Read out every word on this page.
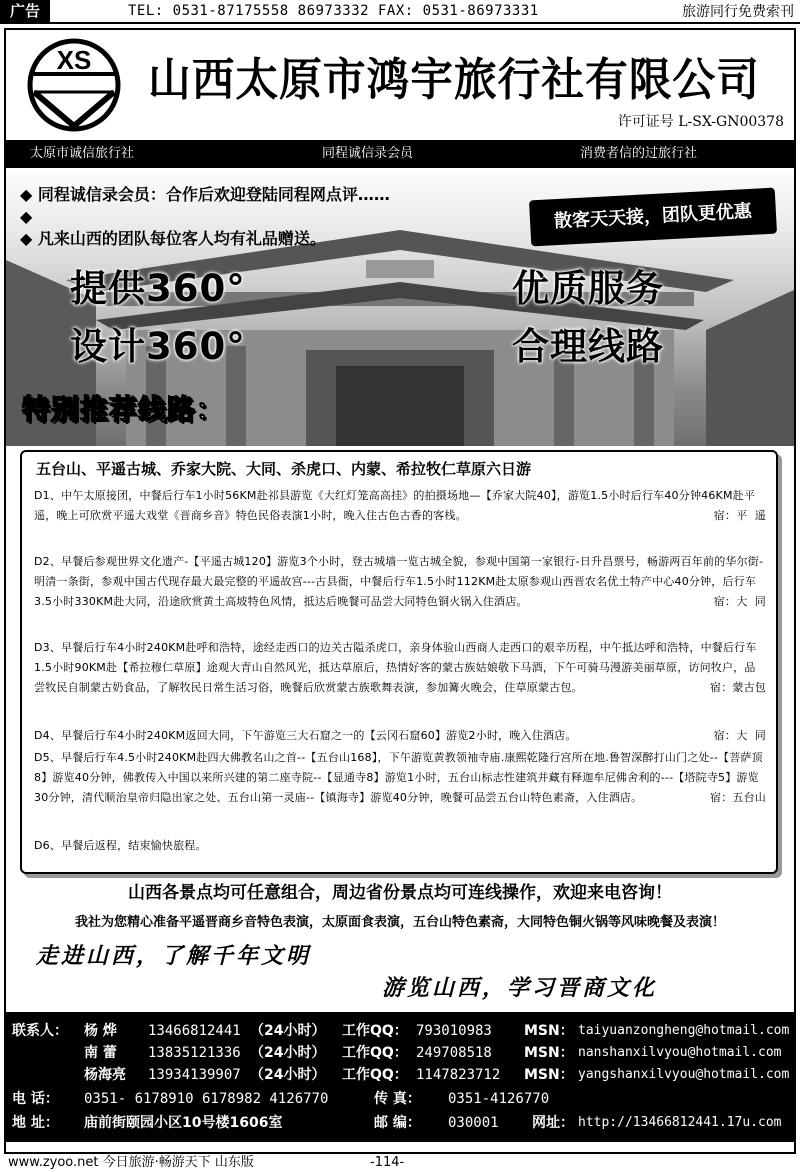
广告	TEL: 0531-87175558 86973332 FAX: 0531-86973331	旅游同行免费索刊
XS 山西太原市鸿宇旅行社有限公司
许可证号 L-SX-GN00378
太原市诚信旅行社	同程诚信录会员	消费者信的过旅行社
◆ 同程诚信录会员：合作后欢迎登陆同程网点评……
◆
◆ 凡来山西的团队每位客人均有礼品赠送。
散客天天接，团队更优惠
提供360°
设计360°
优质服务
合理线路
特别推荐线路：
五台山、平遥古城、乔家大院、大同、杀虎口、内蒙、希拉牧仁草原六日游
D1、中午太原接团，中餐后行车1小时56KM赴祁县游览《大红灯笼高高挂》的拍摄场地—【乔家大院40】，游览1.5小时后行车40分钟46KM赴平遥，晚上可欣赏平遥大戏堂《晋商乡音》特色民俗表演1小时，晚入住古色古香的客栈。	宿：平  遥
D2、早餐后参观世界文化遗产-【平遥古城120】游览3个小时，登古城墙一览古城全貌，参观中国第一家银行-日升昌票号，畅游两百年前的华尔街-明清一条街，参观中国古代现存最大最完整的平遥故宫---古县衙，中餐后行车1.5小时112KM赴太原参观山西晋农名优土特产中心40分钟，后行车3.5小时330KM赴大同，沿途欣赏黄土高坡特色风情，抵达后晚餐可品尝大同特色铜火锅入住酒店。	宿：大  同
D3、早餐后行车4小时240KM赴呼和浩特，途经走西口的边关古隘杀虎口，亲身体验山西商人走西口的艰辛历程，中午抵达呼和浩特，中餐后行车1.5小时90KM赴【希拉穆仁草原】途观大青山自然风光，抵达草原后，热情好客的蒙古族姑娘敬下马酒，下午可骑马漫游美丽草原，访问牧户，品尝牧民自制蒙古奶食品，了解牧民日常生活习俗，晚餐后欣赏蒙古族歌舞表演，参加篝火晚会，住草原蒙古包。	宿：蒙古包
D4、早餐后行车4小时240KM返回大同，下午游览三大石窟之一的【云冈石窟60】游览2小时，晚入住酒店。	宿：大  同
D5、早餐后行车4.5小时240KM赴四大佛教名山之首--【五台山168】，下午游览黄教领袖寺庙.康熙乾隆行宫所在地.鲁智深醉打山门之处--【菩萨顶8】游览40分钟，佛教传入中国以来所兴建的第二座寺院--【显通寺8】游览1小时，五台山标志性建筑并藏有释迦牟尼佛舍利的---【塔院寺5】游览30分钟，清代顺治皇帝归隐出家之处、五台山第一灵庙--【镇海寺】游览40分钟，晚餐可品尝五台山特色素斋，入住酒店。	宿：五台山
D6、早餐后返程，结束愉快旅程。
山西各景点均可任意组合，周边省份景点均可连线操作，欢迎来电咨询！
我社为您精心准备平遥晋商乡音特色表演，太原面食表演，五台山特色素斋，大同特色铜火锅等风味晚餐及表演！
走进山西，了解千年文明
游览山西，学习晋商文化
联系人： 杨 烨 13466812441 （24小时） 工作QQ： 793010983 MSN： taiyuanzongheng@hotmail.com
南 蕾 13835121336 （24小时） 工作QQ： 249708518 MSN： nanshanxilvyou@hotmail.com
杨海亮 13934139907 （24小时） 工作QQ： 1147823712 MSN： yangshanxilvyou@hotmail.com
电 话： 0351- 6178910 6178982 4126770	传 真： 0351-4126770
地 址： 庙前街颐园小区10号楼1606室	邮 编： 030001 网址： http://13466812441.17u.com
www.zyoo.net 今日旅游·畅游天下 山东版	-114-
